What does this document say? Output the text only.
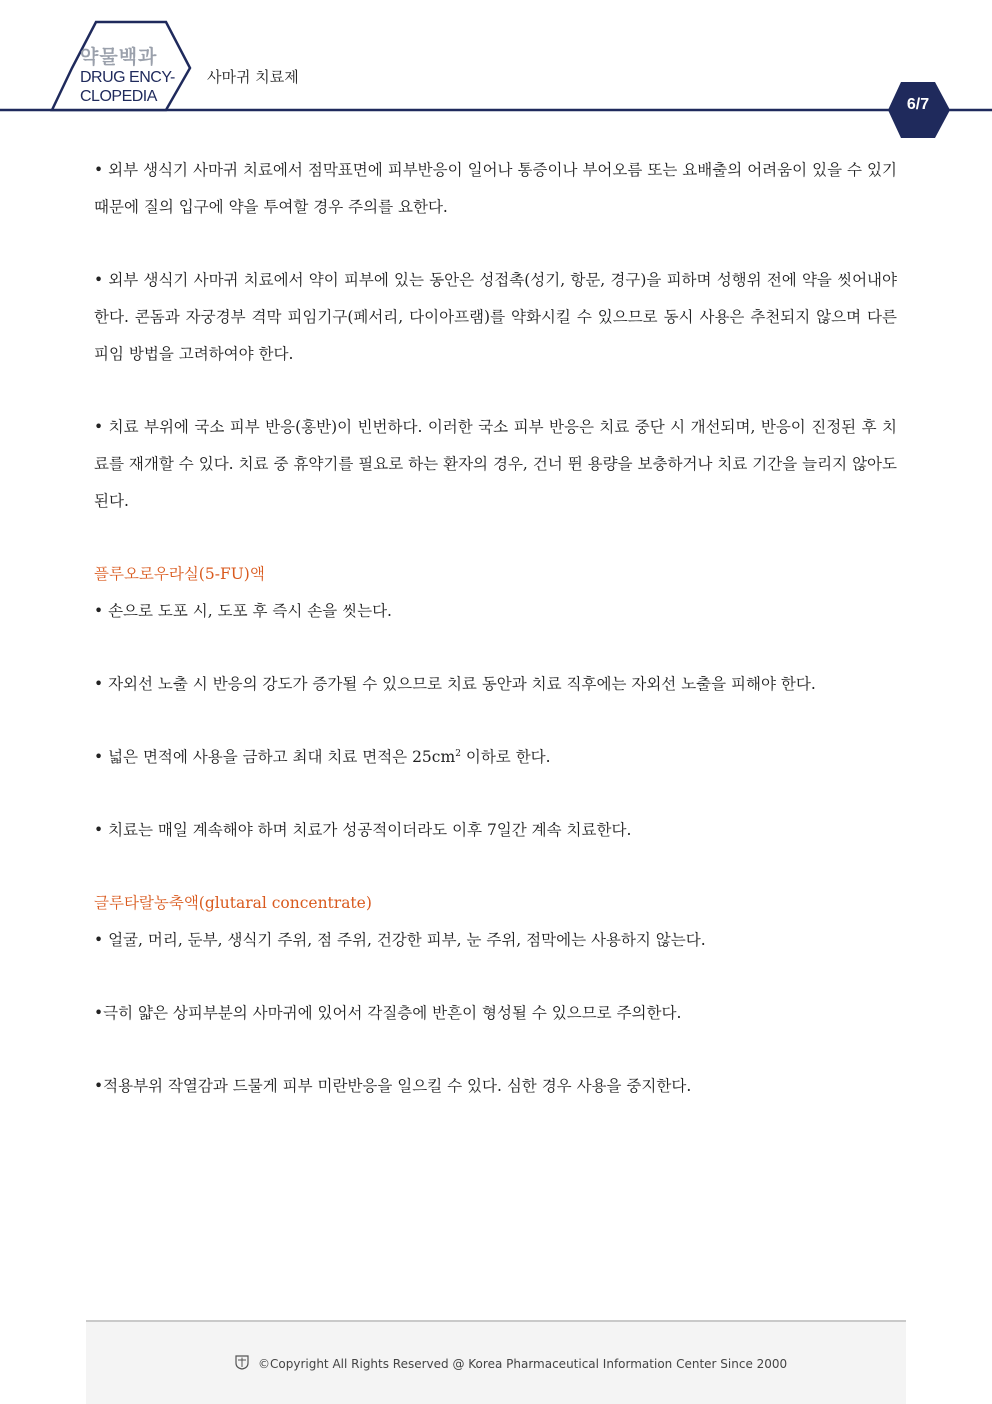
약물백과
DRUG ENCY-
CLOPEDIA
사마귀 치료제
6/7

• 외부 생식기 사마귀 치료에서 점막표면에 피부반응이 일어나 통증이나 부어오름 또는 요배출의 어려움이 있을 수 있기 때문에 질의 입구에 약을 투여할 경우 주의를 요한다.

• 외부 생식기 사마귀 치료에서 약이 피부에 있는 동안은 성접촉(성기, 항문, 경구)을 피하며 성행위 전에 약을 씻어내야 한다. 콘돔과 자궁경부 격막 피임기구(페서리, 다이아프램)를 약화시킬 수 있으므로 동시 사용은 추천되지 않으며 다른 피임 방법을 고려하여야 한다.

• 치료 부위에 국소 피부 반응(홍반)이 빈번하다. 이러한 국소 피부 반응은 치료 중단 시 개선되며, 반응이 진정된 후 치료를 재개할 수 있다. 치료 중 휴약기를 필요로 하는 환자의 경우, 건너 뛴 용량을 보충하거나 치료 기간을 늘리지 않아도 된다.

플루오로우라실(5-FU)액

• 손으로 도포 시, 도포 후 즉시 손을 씻는다.

• 자외선 노출 시 반응의 강도가 증가될 수 있으므로 치료 동안과 치료 직후에는 자외선 노출을 피해야 한다.

• 넓은 면적에 사용을 금하고 최대 치료 면적은 $25cm^2$ 이하로 한다.

• 치료는 매일 계속해야 하며 치료가 성공적이더라도 이후 7일간 계속 치료한다.

글루타랄농축액(glutaral concentrate)

• 얼굴, 머리, 둔부, 생식기 주위, 점 주위, 건강한 피부, 눈 주위, 점막에는 사용하지 않는다.

•극히 얇은 상피부분의 사마귀에 있어서 각질층에 반흔이 형성될 수 있으므로 주의한다.

•적용부위 작열감과 드물게 피부 미란반응을 일으킬 수 있다. 심한 경우 사용을 중지한다.

©Copyright All Rights Reserved @ Korea Pharmaceutical Information Center Since 2000
